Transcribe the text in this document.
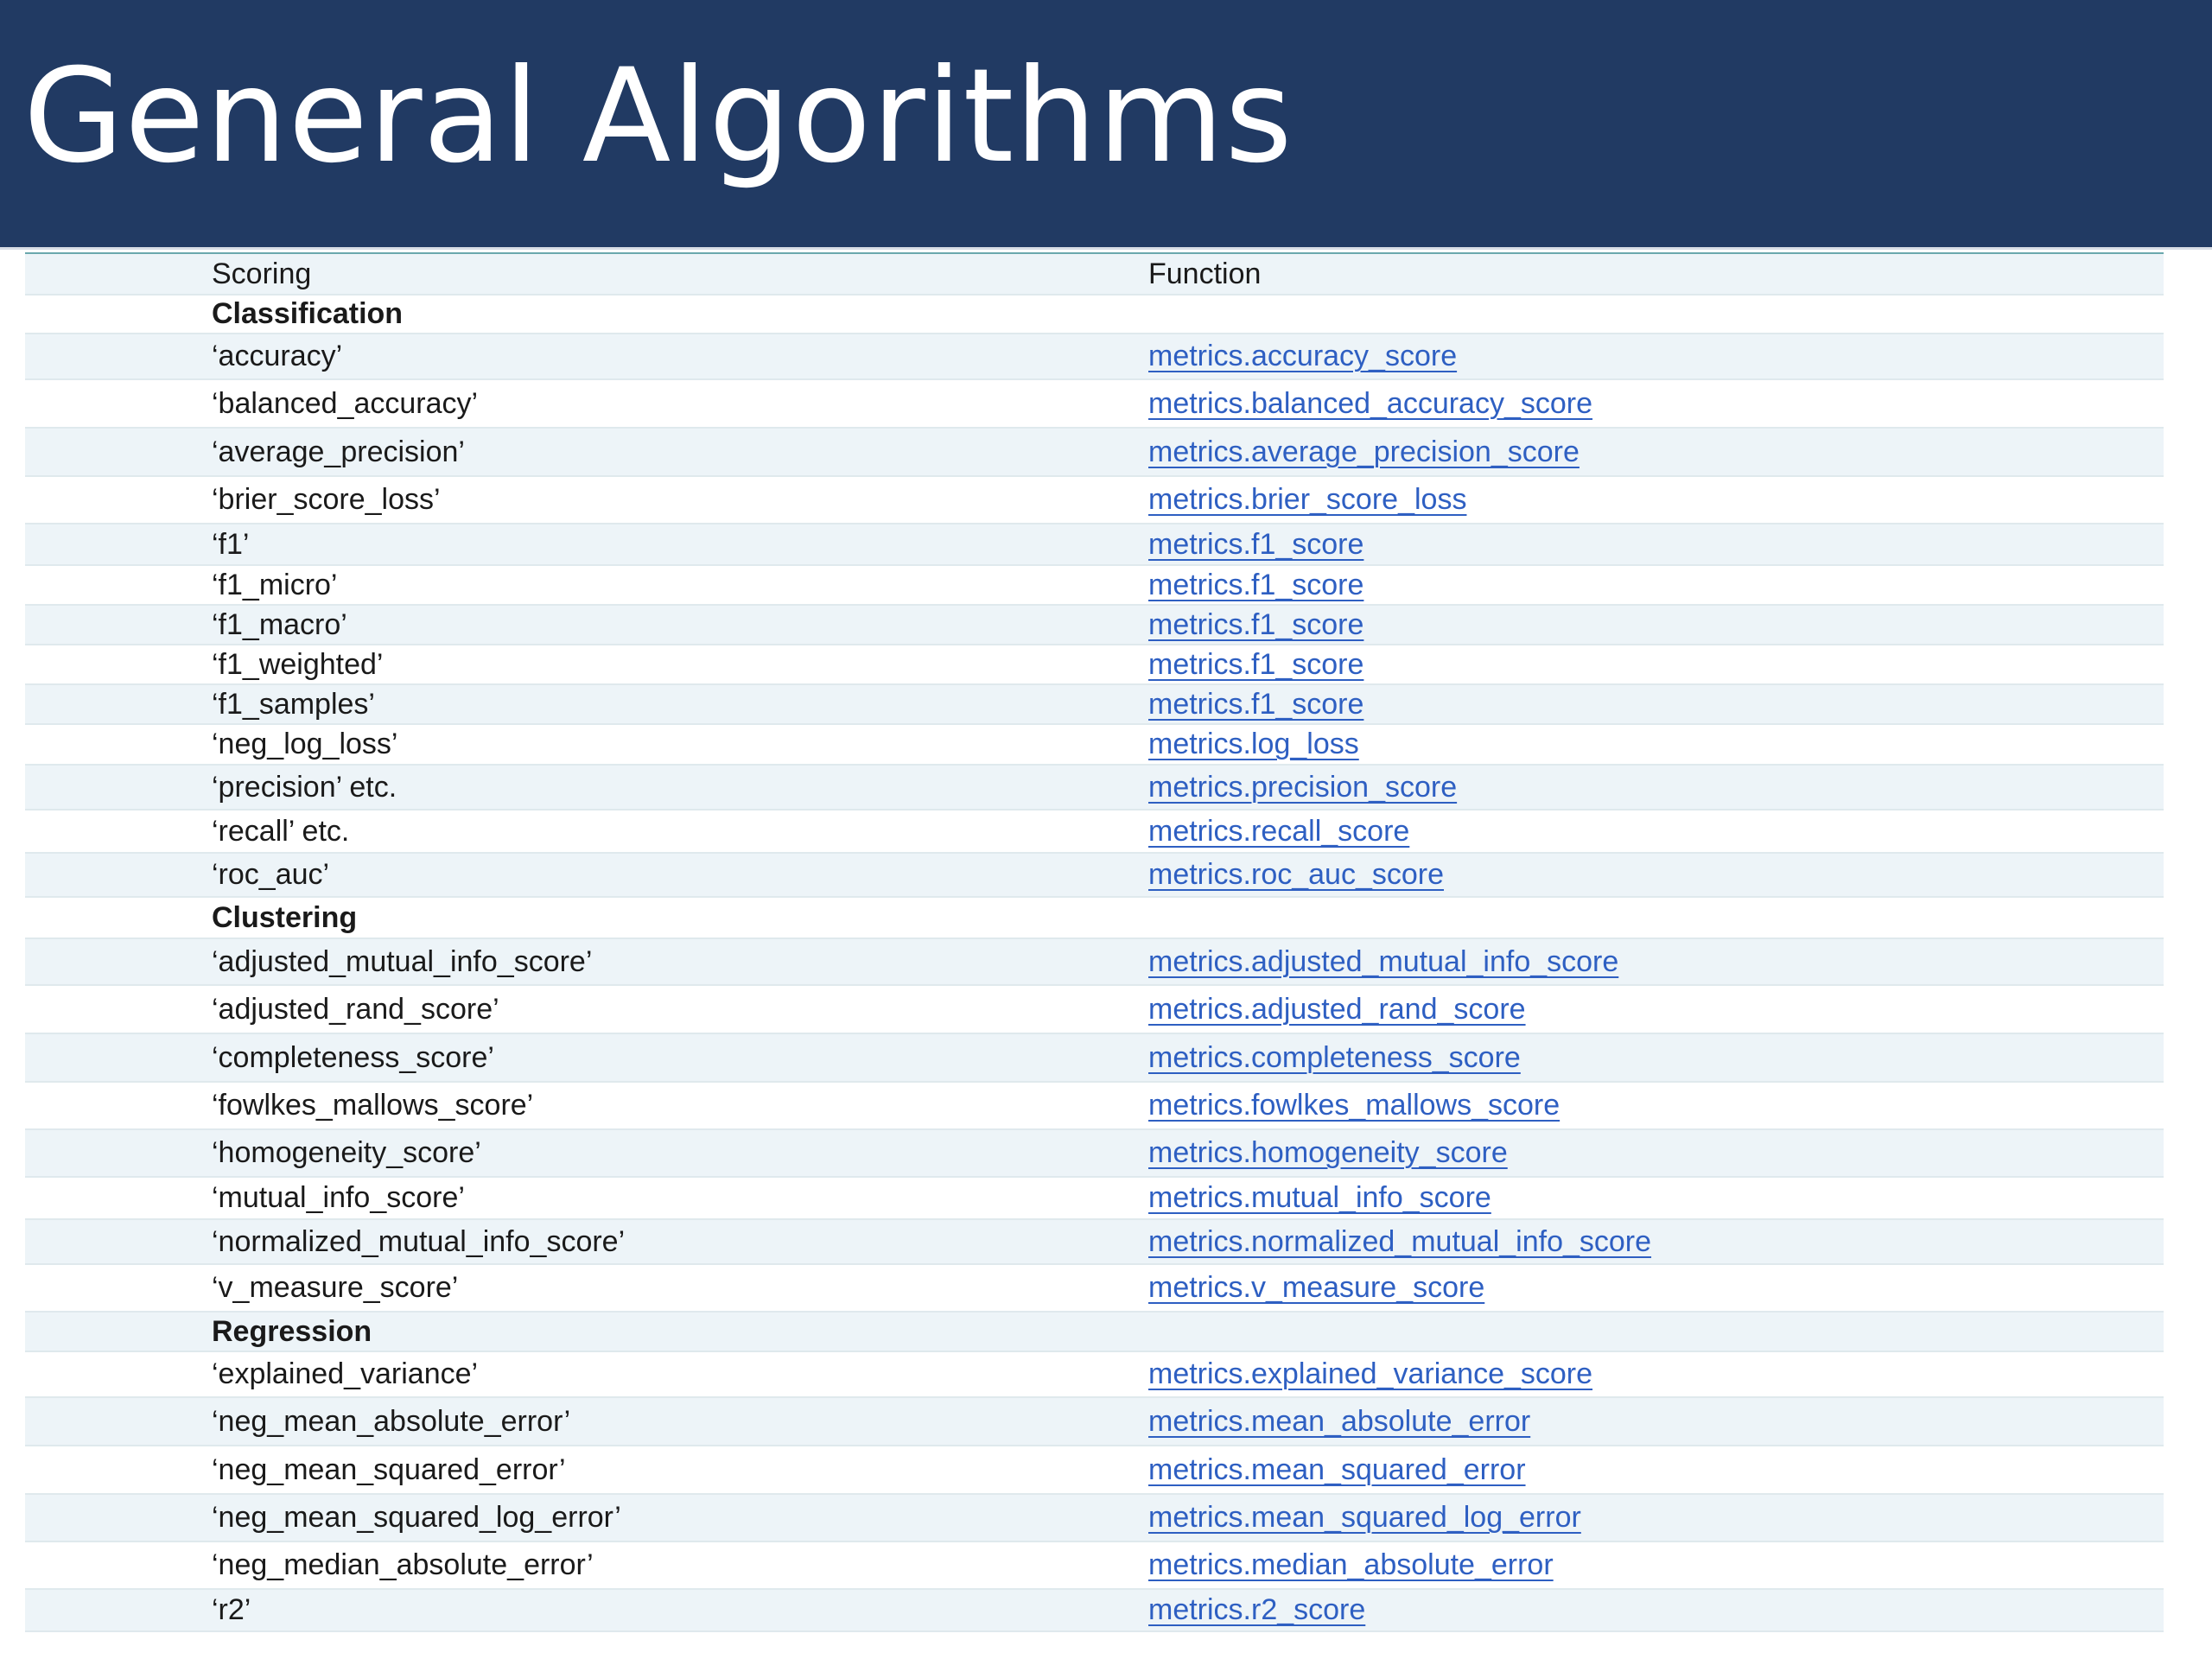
General Algorithms
	Scoring	Function
	Classification	
	‘accuracy’	metrics.accuracy_score
	‘balanced_accuracy’	metrics.balanced_accuracy_score
	‘average_precision’	metrics.average_precision_score
	‘brier_score_loss’	metrics.brier_score_loss
	‘f1’	metrics.f1_score
	‘f1_micro’	metrics.f1_score
	‘f1_macro’	metrics.f1_score
	‘f1_weighted’	metrics.f1_score
	‘f1_samples’	metrics.f1_score
	‘neg_log_loss’	metrics.log_loss
	‘precision’ etc.	metrics.precision_score
	‘recall’ etc.	metrics.recall_score
	‘roc_auc’	metrics.roc_auc_score
	Clustering	
	‘adjusted_mutual_info_score’	metrics.adjusted_mutual_info_score
	‘adjusted_rand_score’	metrics.adjusted_rand_score
	‘completeness_score’	metrics.completeness_score
	‘fowlkes_mallows_score’	metrics.fowlkes_mallows_score
	‘homogeneity_score’	metrics.homogeneity_score
	‘mutual_info_score’	metrics.mutual_info_score
	‘normalized_mutual_info_score’	metrics.normalized_mutual_info_score
	‘v_measure_score’	metrics.v_measure_score
	Regression	
	‘explained_variance’	metrics.explained_variance_score
	‘neg_mean_absolute_error’	metrics.mean_absolute_error
	‘neg_mean_squared_error’	metrics.mean_squared_error
	‘neg_mean_squared_log_error’	metrics.mean_squared_log_error
	‘neg_median_absolute_error’	metrics.median_absolute_error
	‘r2’	metrics.r2_score
